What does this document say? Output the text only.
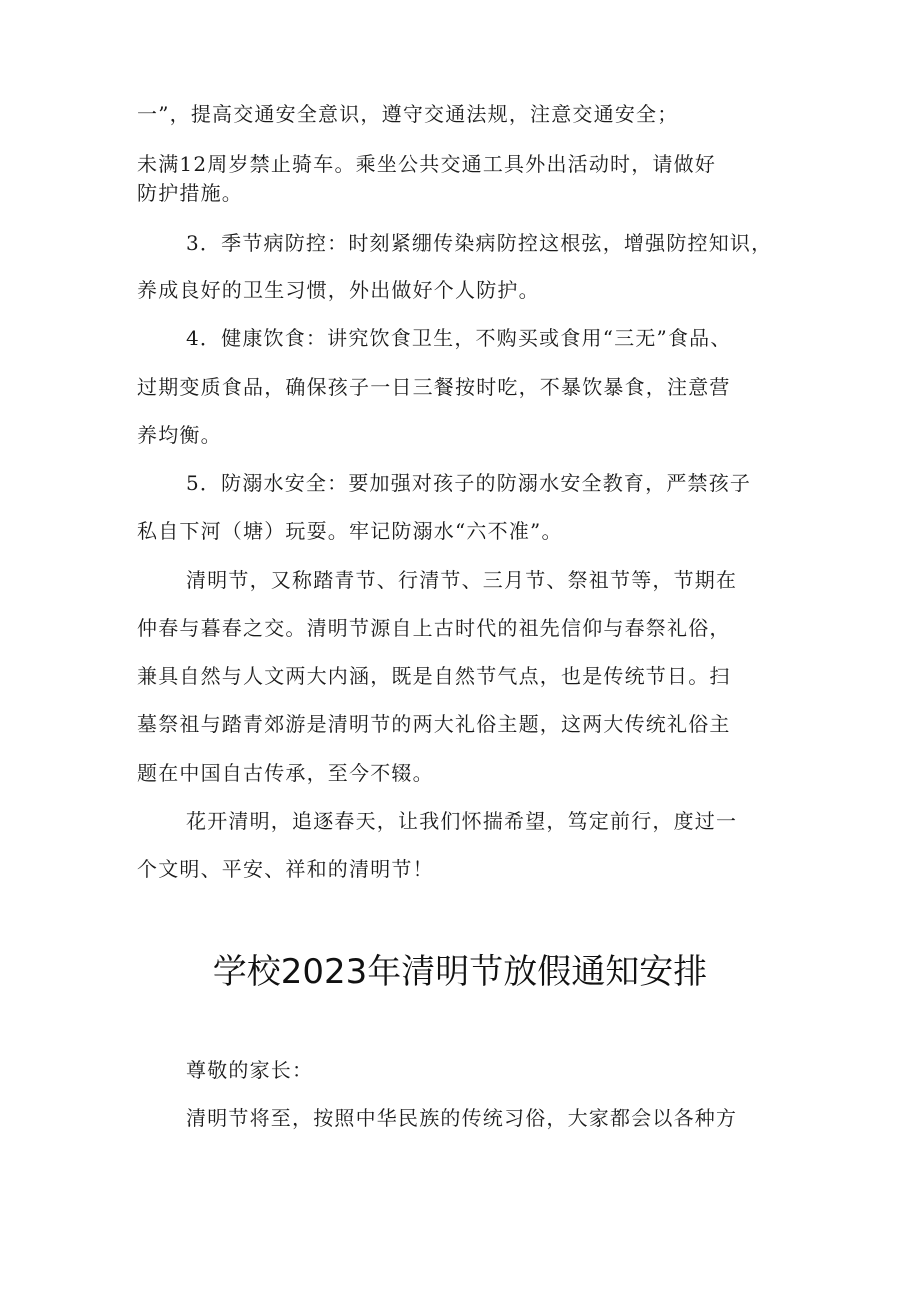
一”，提高交通安全意识，遵守交通法规，注意交通安全；
未满12周岁禁止骑车。乘坐公共交通工具外出活动时，请做好
防护措施。
3．季节病防控：时刻紧绷传染病防控这根弦，增强防控知识，
养成良好的卫生习惯，外出做好个人防护。
4．健康饮食：讲究饮食卫生，不购买或食用“三无”食品、
过期变质食品，确保孩子一日三餐按时吃，不暴饮暴食，注意营
养均衡。
5．防溺水安全：要加强对孩子的防溺水安全教育，严禁孩子
私自下河（塘）玩耍。牢记防溺水“六不准”。
清明节，又称踏青节、行清节、三月节、祭祖节等，节期在
仲春与暮春之交。清明节源自上古时代的祖先信仰与春祭礼俗，
兼具自然与人文两大内涵，既是自然节气点，也是传统节日。扫
墓祭祖与踏青郊游是清明节的两大礼俗主题，这两大传统礼俗主
题在中国自古传承，至今不辍。
花开清明，追逐春天，让我们怀揣希望，笃定前行，度过一
个文明、平安、祥和的清明节！
学校2023年清明节放假通知安排
尊敬的家长：
清明节将至，按照中华民族的传统习俗，大家都会以各种方
